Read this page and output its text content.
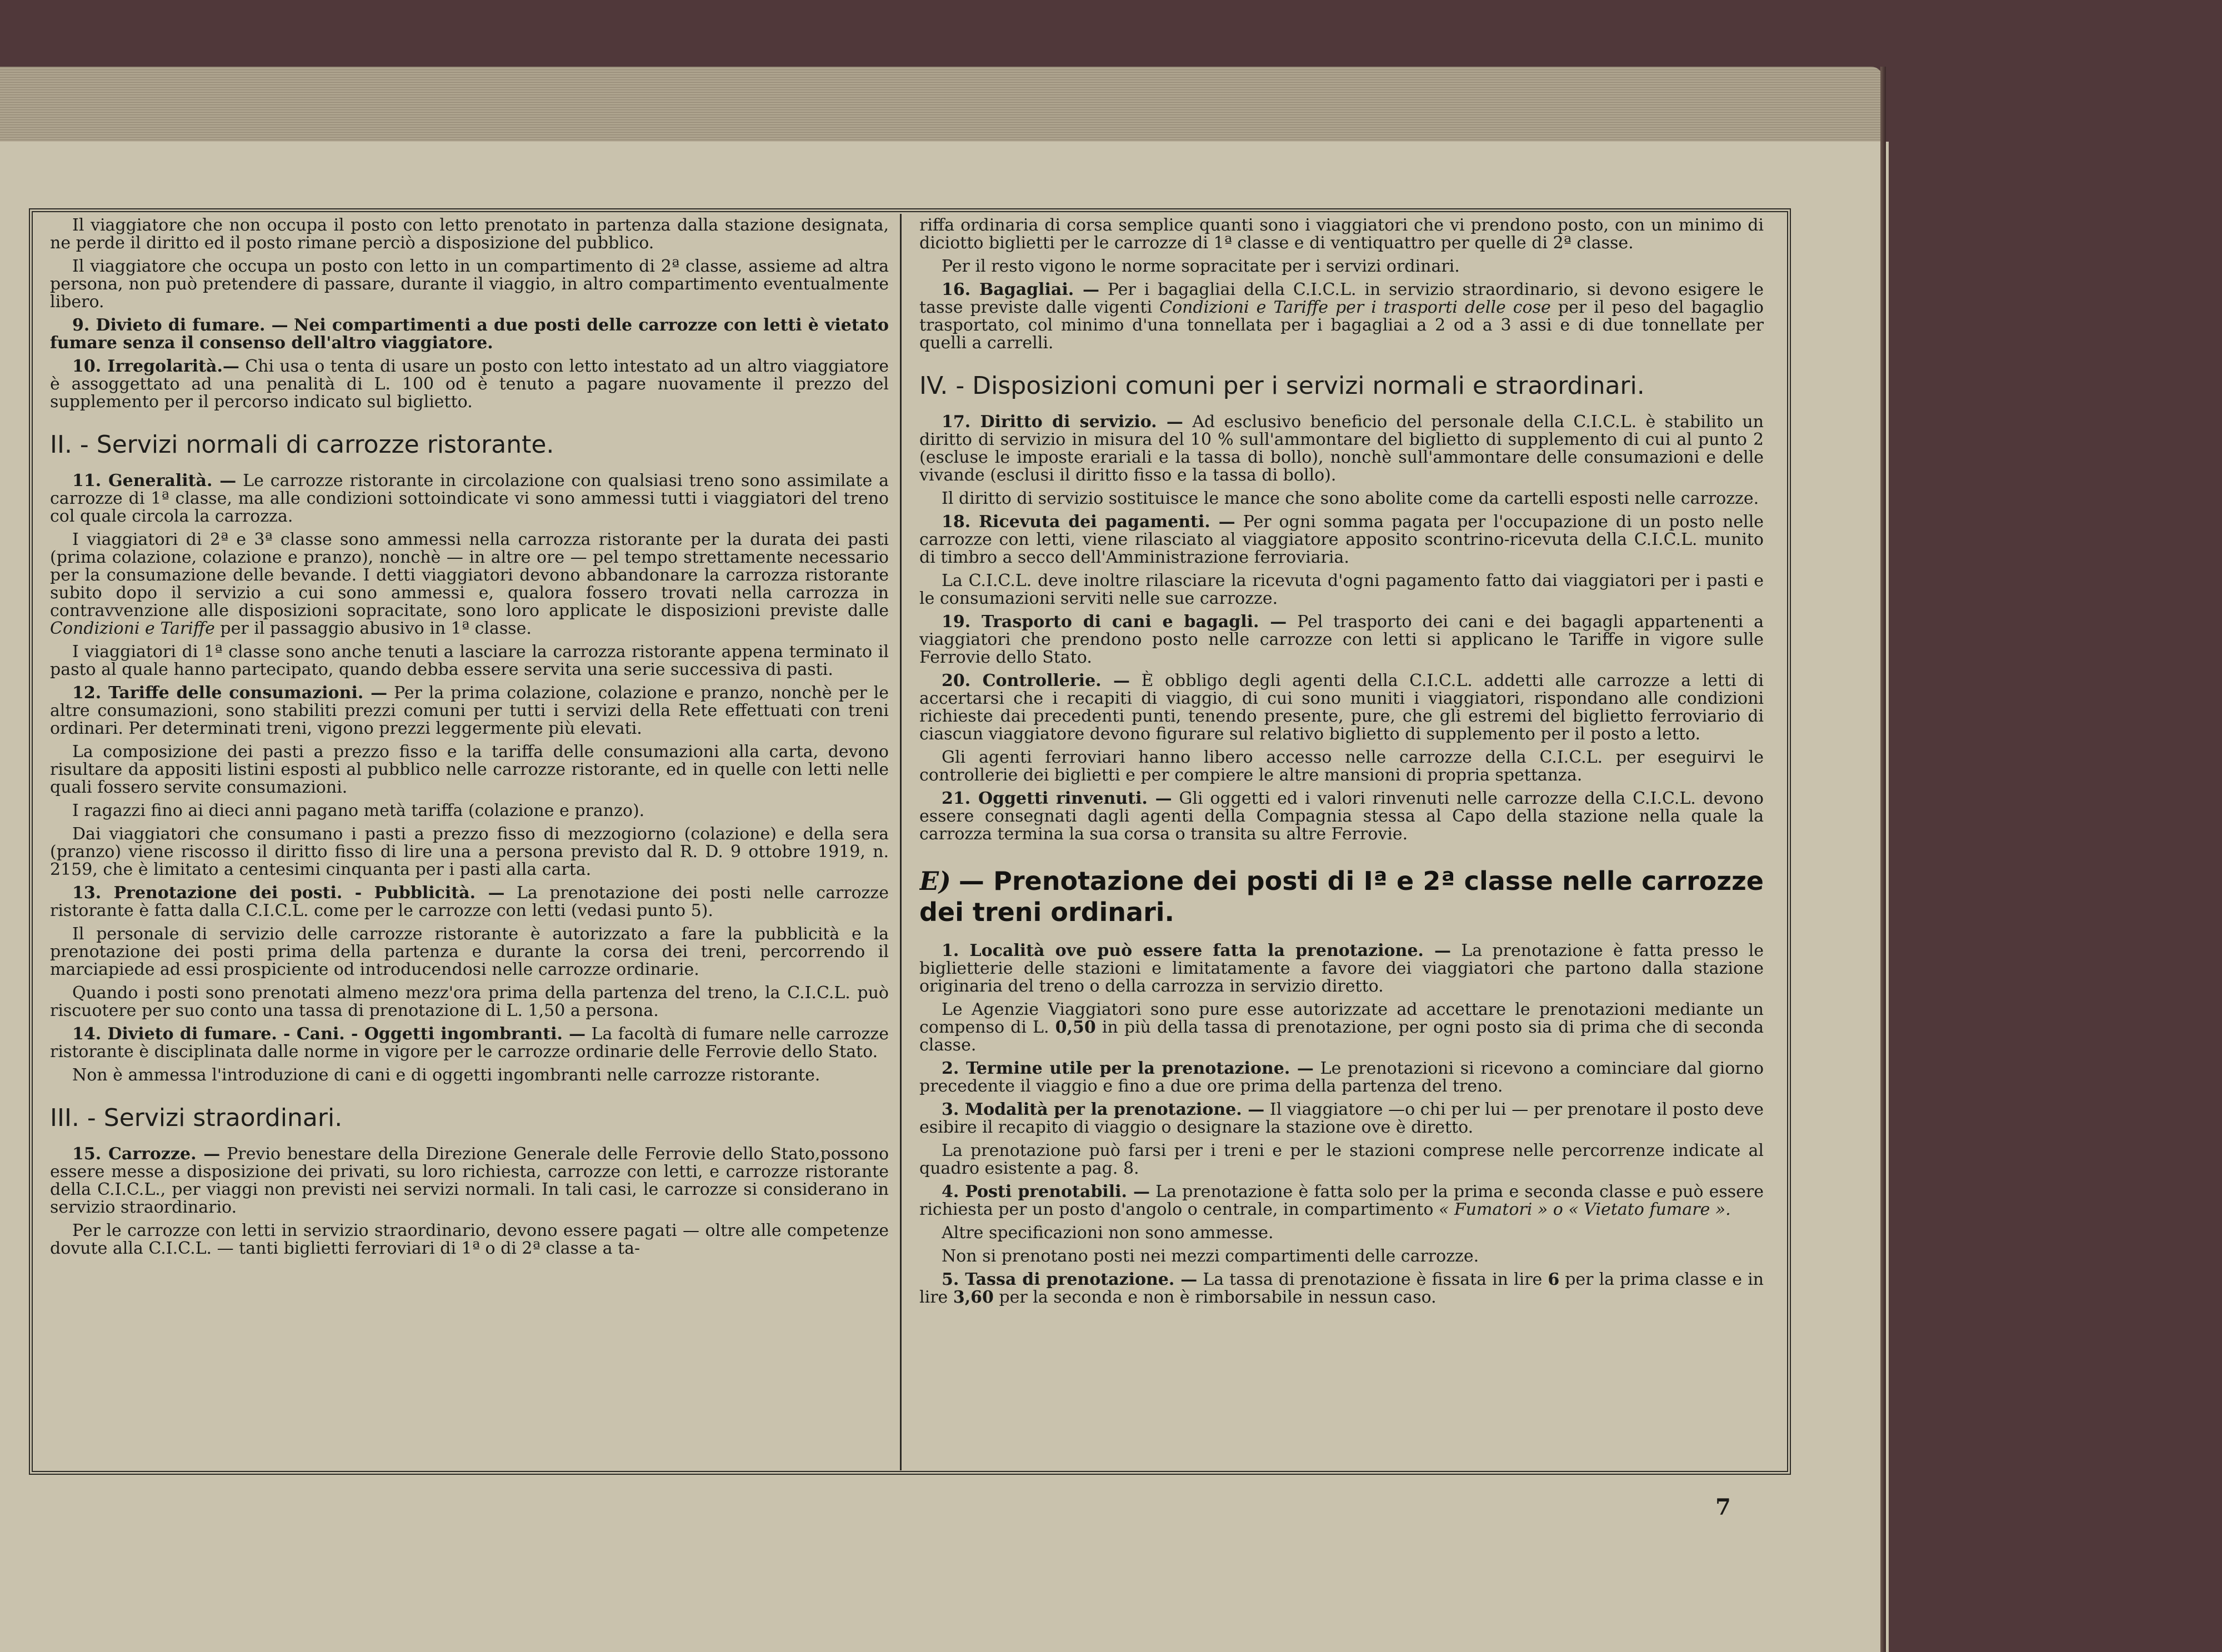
Il viaggiatore che non occupa il posto con letto prenotato in partenza dalla stazione designata, ne perde il diritto ed il posto rimane perciò a disposizione del pubblico.

Il viaggiatore che occupa un posto con letto in un compartimento di 2ª classe, assieme ad altra persona, non può pretendere di passare, durante il viaggio, in altro compartimento eventualmente libero.

9. Divieto di fumare. — Nei compartimenti a due posti delle carrozze con letti è vietato fumare senza il consenso dell'altro viaggiatore.

10. Irregolarità.— Chi usa o tenta di usare un posto con letto intestato ad un altro viaggiatore è assoggettato ad una penalità di L. 100 od è tenuto a pagare nuovamente il prezzo del supplemento per il percorso indicato sul biglietto.

II. - Servizi normali di carrozze ristorante.

11. Generalità. — Le carrozze ristorante in circolazione con qualsiasi treno sono assimilate a carrozze di 1ª classe, ma alle condizioni sottoindicate vi sono ammessi tutti i viaggiatori del treno col quale circola la carrozza.

I viaggiatori di 2ª e 3ª classe sono ammessi nella carrozza ristorante per la durata dei pasti (prima colazione, colazione e pranzo), nonchè — in altre ore — pel tempo strettamente necessario per la consumazione delle bevande. I detti viaggiatori devono abbandonare la carrozza ristorante subito dopo il servizio a cui sono ammessi e, qualora fossero trovati nella carrozza in contravvenzione alle disposizioni sopracitate, sono loro applicate le disposizioni previste dalle Condizioni e Tariffe per il passaggio abusivo in 1ª classe.

I viaggiatori di 1ª classe sono anche tenuti a lasciare la carrozza ristorante appena terminato il pasto al quale hanno partecipato, quando debba essere servita una serie successiva di pasti.

12. Tariffe delle consumazioni. — Per la prima colazione, colazione e pranzo, nonchè per le altre consumazioni, sono stabiliti prezzi comuni per tutti i servizi della Rete effettuati con treni ordinari. Per determinati treni, vigono prezzi leggermente più elevati.

La composizione dei pasti a prezzo fisso e la tariffa delle consumazioni alla carta, devono risultare da appositi listini esposti al pubblico nelle carrozze ristorante, ed in quelle con letti nelle quali fossero servite consumazioni.

I ragazzi fino ai dieci anni pagano metà tariffa (colazione e pranzo).

Dai viaggiatori che consumano i pasti a prezzo fisso di mezzogiorno (colazione) e della sera (pranzo) viene riscosso il diritto fisso di lire una a persona previsto dal R. D. 9 ottobre 1919, n. 2159, che è limitato a centesimi cinquanta per i pasti alla carta.

13. Prenotazione dei posti. - Pubblicità. — La prenotazione dei posti nelle carrozze ristorante è fatta dalla C.I.C.L. come per le carrozze con letti (vedasi punto 5).

Il personale di servizio delle carrozze ristorante è autorizzato a fare la pubblicità e la prenotazione dei posti prima della partenza e durante la corsa dei treni, percorrendo il marciapiede ad essi prospiciente od introducendosi nelle carrozze ordinarie.

Quando i posti sono prenotati almeno mezz'ora prima della partenza del treno, la C.I.C.L. può riscuotere per suo conto una tassa di prenotazione di L. 1,50 a persona.

14. Divieto di fumare. - Cani. - Oggetti ingombranti. — La facoltà di fumare nelle carrozze ristorante è disciplinata dalle norme in vigore per le carrozze ordinarie delle Ferrovie dello Stato.

Non è ammessa l'introduzione di cani e di oggetti ingombranti nelle carrozze ristorante.

III. - Servizi straordinari.

15. Carrozze. — Previo benestare della Direzione Generale delle Ferrovie dello Stato,possono essere messe a disposizione dei privati, su loro richiesta, carrozze con letti, e carrozze ristorante della C.I.C.L., per viaggi non previsti nei servizi normali. In tali casi, le carrozze si considerano in servizio straordinario.

Per le carrozze con letti in servizio straordinario, devono essere pagati — oltre alle competenze dovute alla C.I.C.L. — tanti biglietti ferroviari di 1ª o di 2ª classe a ta-

riffa ordinaria di corsa semplice quanti sono i viaggiatori che vi prendono posto, con un minimo di diciotto biglietti per le carrozze di 1ª classe e di ventiquattro per quelle di 2ª classe.

Per il resto vigono le norme sopracitate per i servizi ordinari.

16. Bagagliai. — Per i bagagliai della C.I.C.L. in servizio straordinario, si devono esigere le tasse previste dalle vigenti Condizioni e Tariffe per i trasporti delle cose per il peso del bagaglio trasportato, col minimo d'una tonnellata per i bagagliai a 2 od a 3 assi e di due tonnellate per quelli a carrelli.

IV. - Disposizioni comuni per i servizi normali e straordinari.

17. Diritto di servizio. — Ad esclusivo beneficio del personale della C.I.C.L. è stabilito un diritto di servizio in misura del 10 % sull'ammontare del biglietto di supplemento di cui al punto 2 (escluse le imposte erariali e la tassa di bollo), nonchè sull'ammontare delle consumazioni e delle vivande (esclusi il diritto fisso e la tassa di bollo).

Il diritto di servizio sostituisce le mance che sono abolite come da cartelli esposti nelle carrozze.

18. Ricevuta dei pagamenti. — Per ogni somma pagata per l'occupazione di un posto nelle carrozze con letti, viene rilasciato al viaggiatore apposito scontrino-ricevuta della C.I.C.L. munito di timbro a secco dell'Amministrazione ferroviaria.

La C.I.C.L. deve inoltre rilasciare la ricevuta d'ogni pagamento fatto dai viaggiatori per i pasti e le consumazioni serviti nelle sue carrozze.

19. Trasporto di cani e bagagli. — Pel trasporto dei cani e dei bagagli appartenenti a viaggiatori che prendono posto nelle carrozze con letti si applicano le Tariffe in vigore sulle Ferrovie dello Stato.

20. Controllerie. — È obbligo degli agenti della C.I.C.L. addetti alle carrozze a letti di accertarsi che i recapiti di viaggio, di cui sono muniti i viaggiatori, rispondano alle condizioni richieste dai precedenti punti, tenendo presente, pure, che gli estremi del biglietto ferroviario di ciascun viaggiatore devono figurare sul relativo biglietto di supplemento per il posto a letto.

Gli agenti ferroviari hanno libero accesso nelle carrozze della C.I.C.L. per eseguirvi le controllerie dei biglietti e per compiere le altre mansioni di propria spettanza.

21. Oggetti rinvenuti. — Gli oggetti ed i valori rinvenuti nelle carrozze della C.I.C.L. devono essere consegnati dagli agenti della Compagnia stessa al Capo della stazione nella quale la carrozza termina la sua corsa o transita su altre Ferrovie.

E) — Prenotazione dei posti di Iª e 2ª classe nelle carrozze dei treni ordinari.

1. Località ove può essere fatta la prenotazione. — La prenotazione è fatta presso le biglietterie delle stazioni e limitatamente a favore dei viaggiatori che partono dalla stazione originaria del treno o della carrozza in servizio diretto.

Le Agenzie Viaggiatori sono pure esse autorizzate ad accettare le prenotazioni mediante un compenso di L. 0,50 in più della tassa di prenotazione, per ogni posto sia di prima che di seconda classe.

2. Termine utile per la prenotazione. — Le prenotazioni si ricevono a cominciare dal giorno precedente il viaggio e fino a due ore prima della partenza del treno.

3. Modalità per la prenotazione. — Il viaggiatore —o chi per lui — per prenotare il posto deve esibire il recapito di viaggio o designare la stazione ove è diretto.

La prenotazione può farsi per i treni e per le stazioni comprese nelle percorrenze indicate al quadro esistente a pag. 8.

4. Posti prenotabili. — La prenotazione è fatta solo per la prima e seconda classe e può essere richiesta per un posto d'angolo o centrale, in compartimento « Fumatori » o « Vietato fumare ».

Altre specificazioni non sono ammesse.

Non si prenotano posti nei mezzi compartimenti delle carrozze.

5. Tassa di prenotazione. — La tassa di prenotazione è fissata in lire 6 per la prima classe e in lire 3,60 per la seconda e non è rimborsabile in nessun caso.

7
